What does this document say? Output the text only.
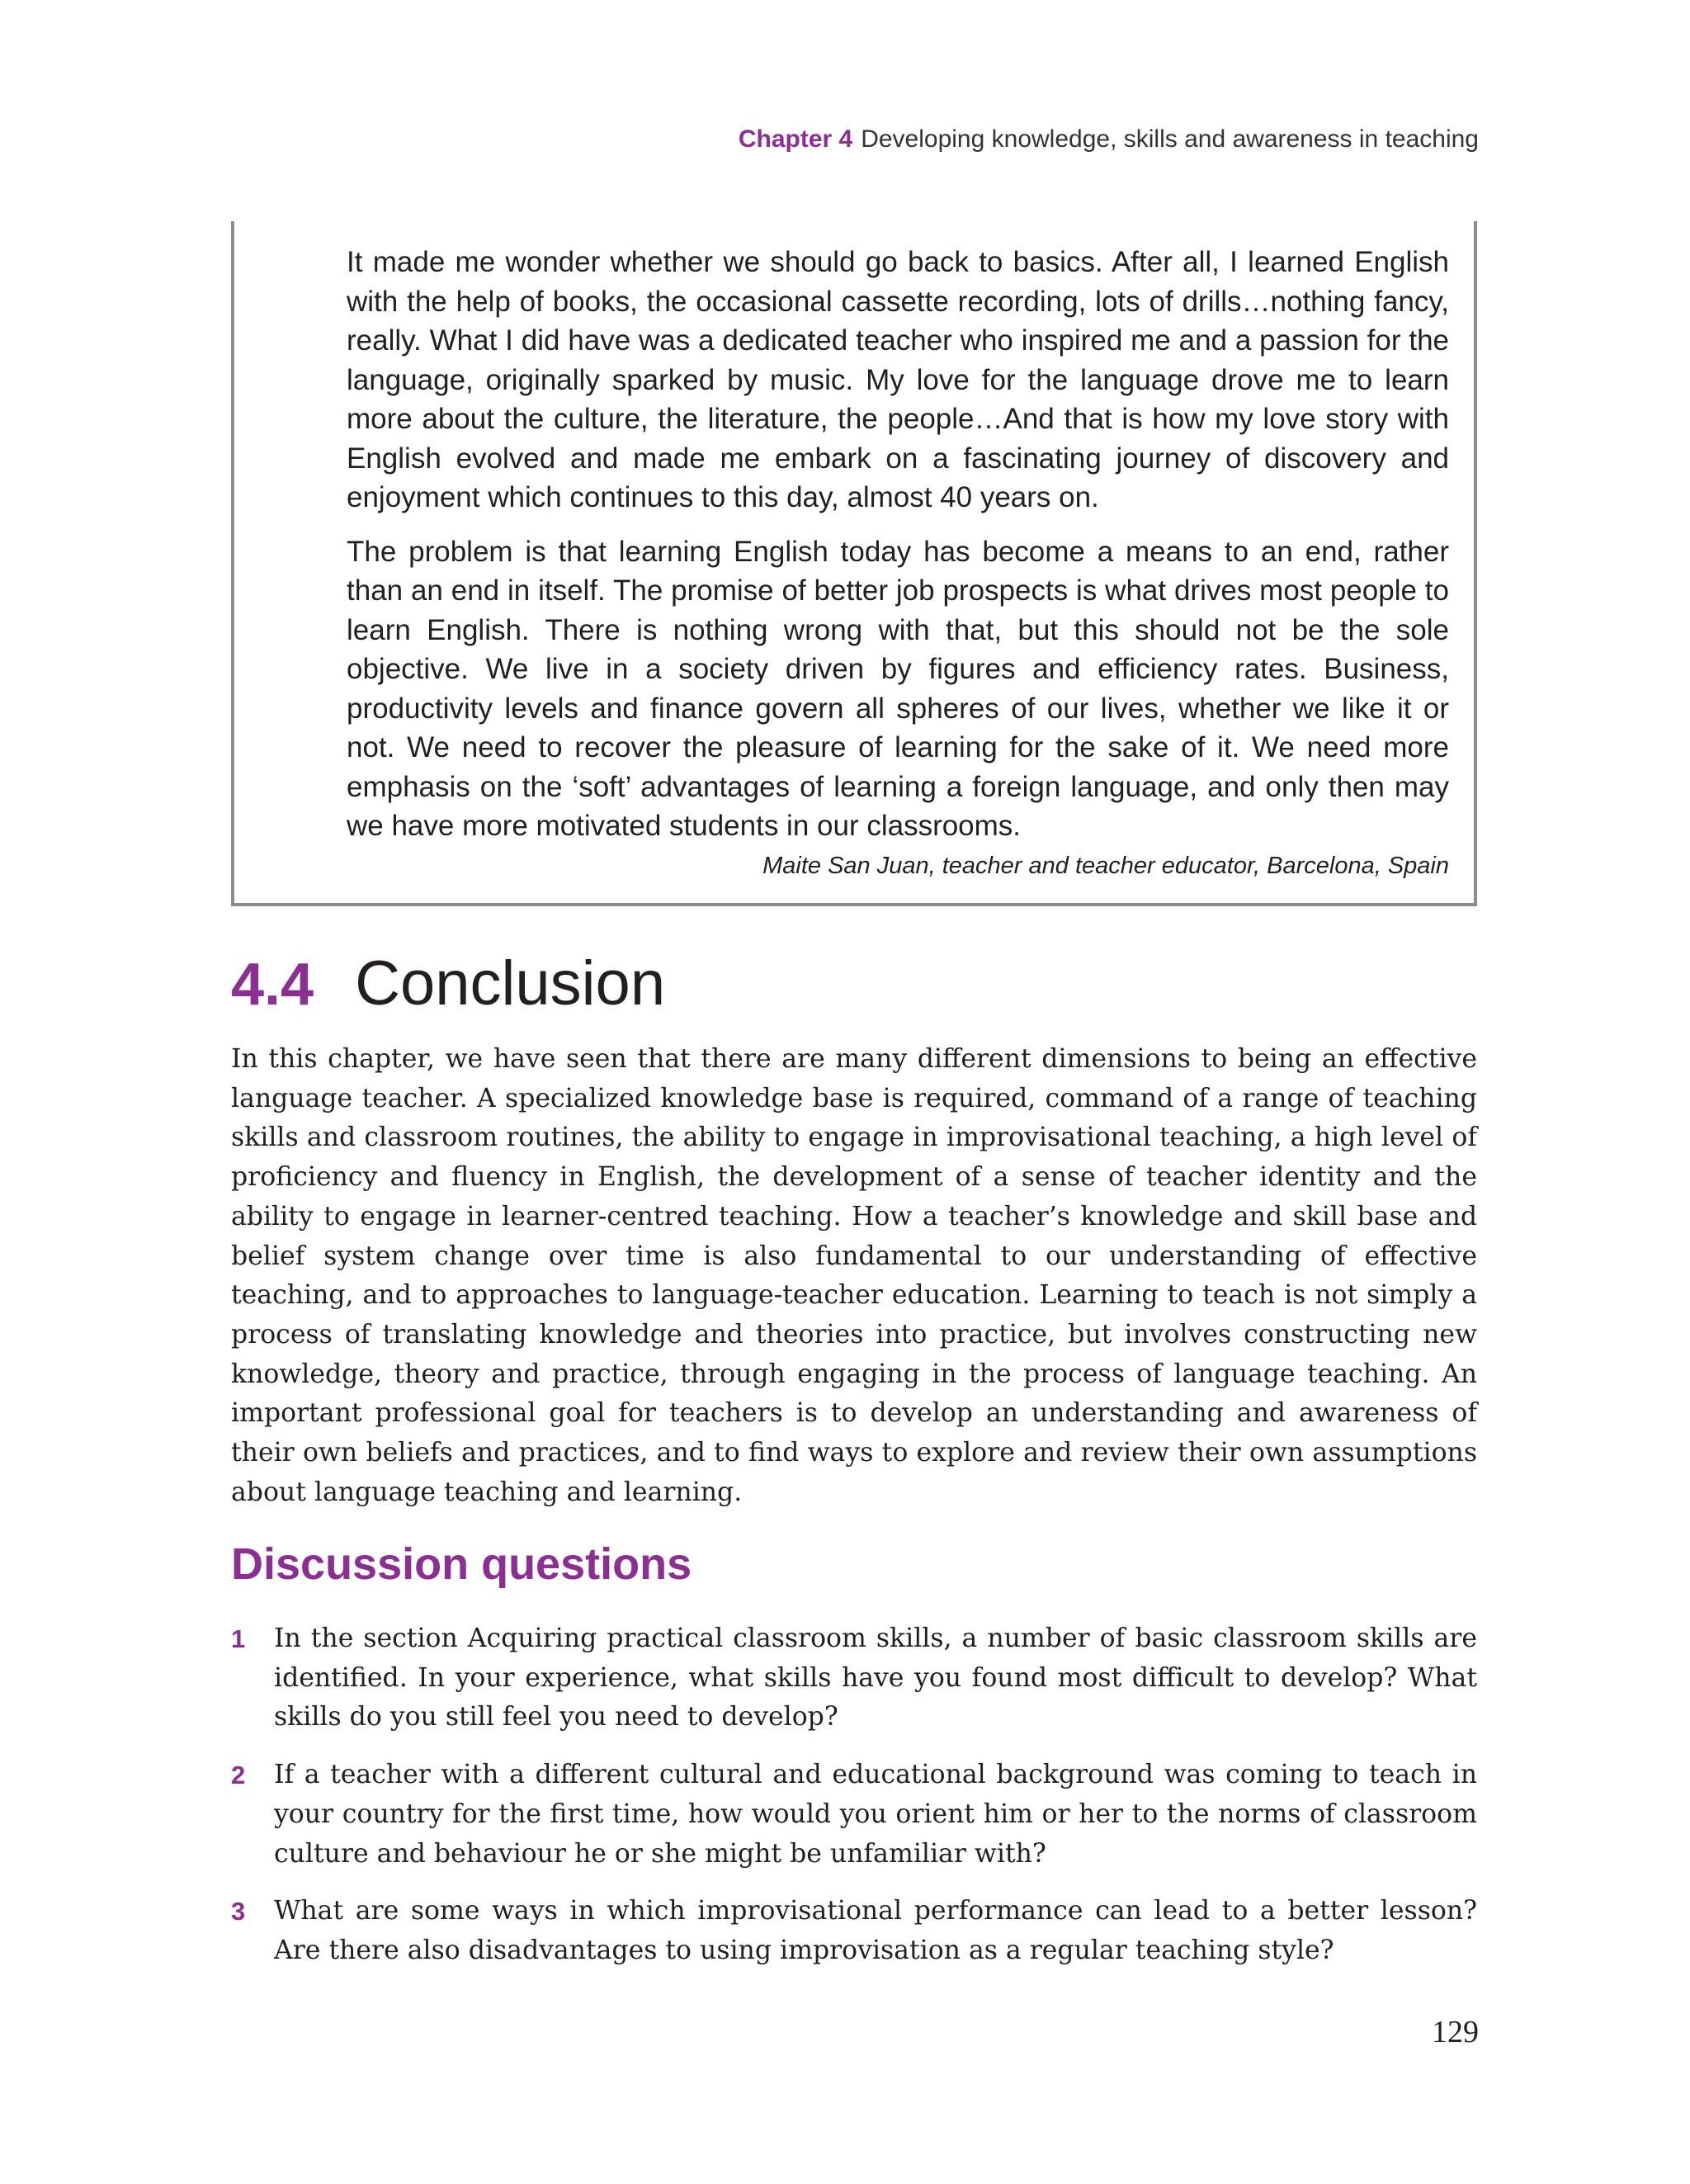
Chapter 4 Developing knowledge, skills and awareness in teaching

It made me wonder whether we should go back to basics. After all, I learned English with the help of books, the occasional cassette recording, lots of drills…nothing fancy, really. What I did have was a dedicated teacher who inspired me and a passion for the language, originally sparked by music. My love for the language drove me to learn more about the culture, the literature, the people…And that is how my love story with English evolved and made me embark on a fascinating journey of discovery and enjoyment which continues to this day, almost 40 years on.

The problem is that learning English today has become a means to an end, rather than an end in itself. The promise of better job prospects is what drives most people to learn English. There is nothing wrong with that, but this should not be the sole objective. We live in a society driven by figures and efficiency rates. Business, productivity levels and finance govern all spheres of our lives, whether we like it or not. We need to recover the pleasure of learning for the sake of it. We need more emphasis on the ‘soft’ advantages of learning a foreign language, and only then may we have more motivated students in our classrooms.

Maite San Juan, teacher and teacher educator, Barcelona, Spain
4.4 Conclusion

In this chapter, we have seen that there are many different dimensions to being an effective language teacher. A specialized knowledge base is required, command of a range of teaching skills and classroom routines, the ability to engage in improvisational teaching, a high level of proficiency and fluency in English, the development of a sense of teacher identity and the ability to engage in learner-centred teaching. How a teacher’s knowledge and skill base and belief system change over time is also fundamental to our understanding of effective teaching, and to approaches to language-teacher education. Learning to teach is not simply a process of translating knowledge and theories into practice, but involves constructing new knowledge, theory and practice, through engaging in the process of language teaching. An important professional goal for teachers is to develop an understanding and awareness of their own beliefs and practices, and to find ways to explore and review their own assumptions about language teaching and learning.

Discussion questions
1 In the section Acquiring practical classroom skills, a number of basic classroom skills are identified. In your experience, what skills have you found most difficult to develop? What skills do you still feel you need to develop?
2 If a teacher with a different cultural and educational background was coming to teach in your country for the first time, how would you orient him or her to the norms of classroom culture and behaviour he or she might be unfamiliar with?
3 What are some ways in which improvisational performance can lead to a better lesson? Are there also disadvantages to using improvisation as a regular teaching style?
129
